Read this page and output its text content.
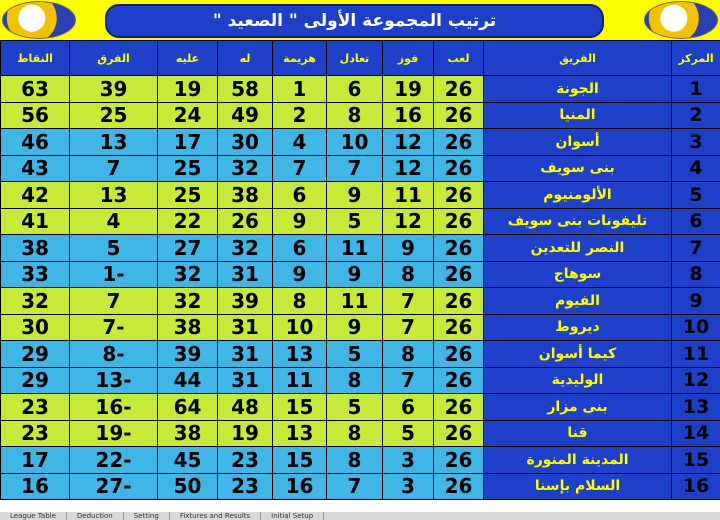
ترتيب المجموعة الأولى " الصعيد "
المركز	الفريق	لعب	فوز	تعادل	هزيمة	له	عليه	الفرق	النقاط
1	الجونة	26	19	6	1	58	19	39	63
2	المنيا	26	16	8	2	49	24	25	56
3	أسوان	26	12	10	4	30	17	13	46
4	بنى سويف	26	12	7	7	32	25	7	43
5	الألومنيوم	26	11	9	6	38	25	13	42
6	تليفونات بنى سويف	26	12	5	9	26	22	4	41
7	النصر للتعدين	26	9	11	6	32	27	5	38
8	سوهاج	26	8	9	9	31	32	-1	33
9	الفيوم	26	7	11	8	39	32	7	32
10	ديروط	26	7	9	10	31	38	-7	30
11	كيما أسوان	26	8	5	13	31	39	-8	29
12	الوليدية	26	7	8	11	31	44	-13	29
13	بنى مزار	26	6	5	15	48	64	-16	23
14	قنا	26	5	8	13	19	38	-19	23
15	المدينة المنورة	26	3	8	15	23	45	-22	17
16	السلام بإسنا	26	3	7	16	23	50	-27	16
League Table	Deduction	Setting	Fixtures and Results	Initial Setup
